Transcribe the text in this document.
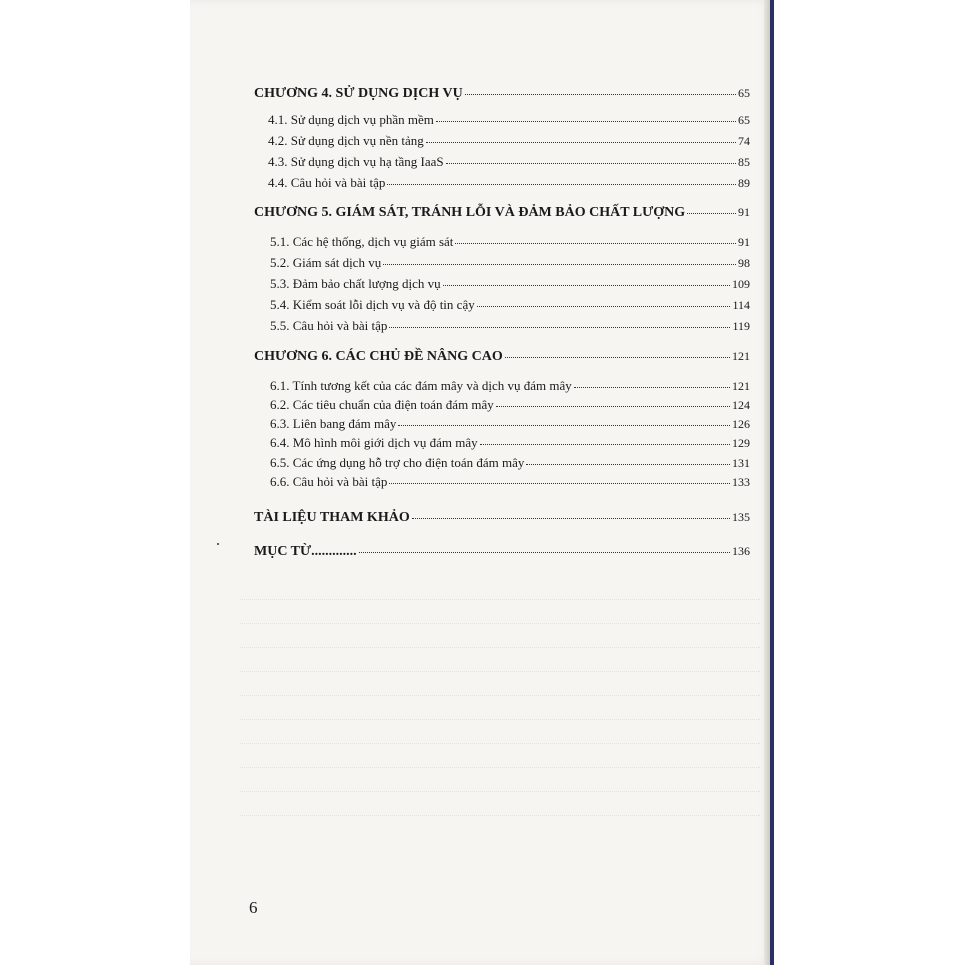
CHƯƠNG 4. SỬ DỤNG DỊCH VỤ	65
4.1. Sử dụng dịch vụ phần mềm	65
4.2. Sử dụng dịch vụ nền tảng	74
4.3. Sử dụng dịch vụ hạ tầng IaaS	85
4.4. Câu hỏi và bài tập	89
CHƯƠNG 5. GIÁM SÁT, TRÁNH LỖI VÀ ĐẢM BẢO CHẤT LƯỢNG	91
5.1. Các hệ thống, dịch vụ giám sát	91
5.2. Giám sát dịch vụ	98
5.3. Đảm bảo chất lượng dịch vụ	109
5.4. Kiểm soát lỗi dịch vụ và độ tin cậy	114
5.5. Câu hỏi và bài tập	119
CHƯƠNG 6. CÁC CHỦ ĐỀ NÂNG CAO	121
6.1. Tính tương kết của các đám mây và dịch vụ đám mây	121
6.2. Các tiêu chuẩn của điện toán đám mây	124
6.3. Liên bang đám mây	126
6.4. Mô hình môi giới dịch vụ đám mây	129
6.5. Các ứng dụng hỗ trợ cho điện toán đám mây	131
6.6. Câu hỏi và bài tập	133
TÀI LIỆU THAM KHẢO	135
MỤC TỪ.............	136
6
